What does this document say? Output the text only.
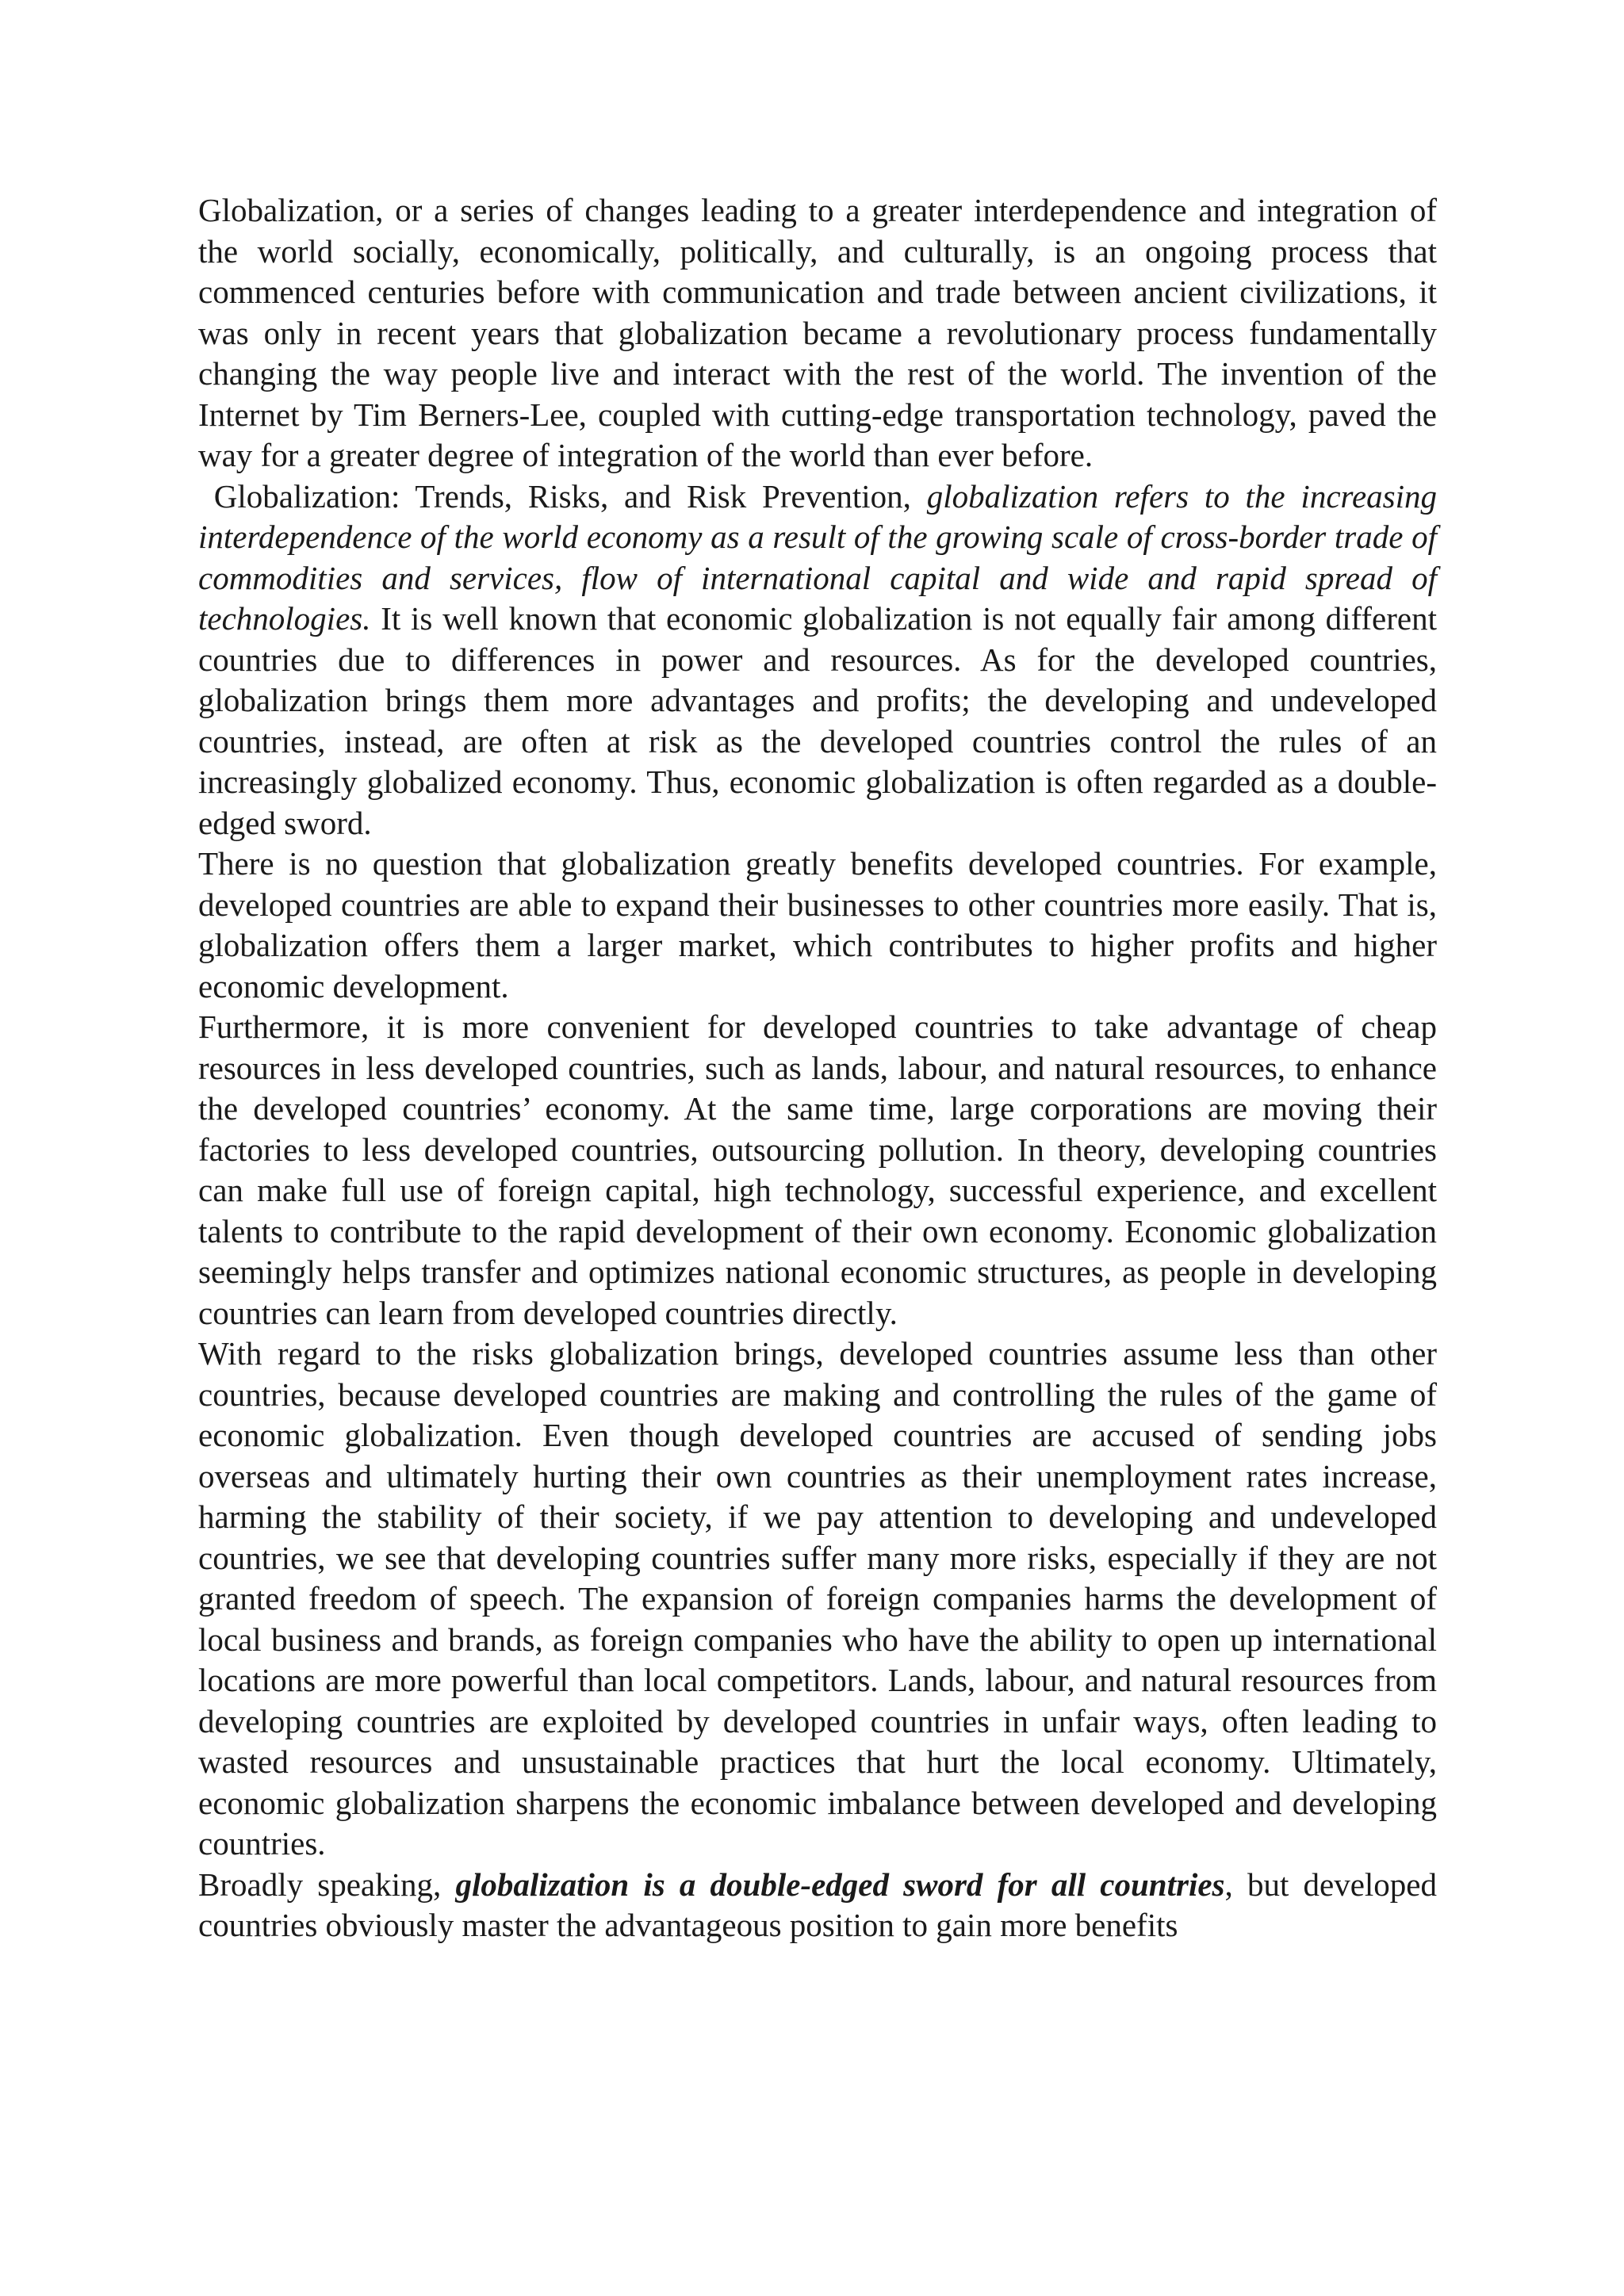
Globalization, or a series of changes leading to a greater interdependence and integration of the world socially, economically, politically, and culturally, is an ongoing process that commenced centuries before with communication and trade between ancient civilizations, it was only in recent years that globalization became a revolutionary process fundamentally changing the way people live and interact with the rest of the world. The invention of the Internet by Tim Berners-Lee, coupled with cutting-edge transportation technology, paved the way for a greater degree of integration of the world than ever before.

Globalization: Trends, Risks, and Risk Prevention, globalization refers to the increasing interdependence of the world economy as a result of the growing scale of cross-border trade of commodities and services, flow of international capital and wide and rapid spread of technologies. It is well known that economic globalization is not equally fair among different countries due to differences in power and resources. As for the developed countries, globalization brings them more advantages and profits; the developing and undeveloped countries, instead, are often at risk as the developed countries control the rules of an increasingly globalized economy. Thus, economic globalization is often regarded as a double-edged sword.

There is no question that globalization greatly benefits developed countries. For example, developed countries are able to expand their businesses to other countries more easily. That is, globalization offers them a larger market, which contributes to higher profits and higher economic development.

Furthermore, it is more convenient for developed countries to take advantage of cheap resources in less developed countries, such as lands, labour, and natural resources, to enhance the developed countries’ economy. At the same time, large corporations are moving their factories to less developed countries, outsourcing pollution. In theory, developing countries can make full use of foreign capital, high technology, successful experience, and excellent talents to contribute to the rapid development of their own economy. Economic globalization seemingly helps transfer and optimizes national economic structures, as people in developing countries can learn from developed countries directly.

With regard to the risks globalization brings, developed countries assume less than other countries, because developed countries are making and controlling the rules of the game of economic globalization. Even though developed countries are accused of sending jobs overseas and ultimately hurting their own countries as their unemployment rates increase, harming the stability of their society, if we pay attention to developing and undeveloped countries, we see that developing countries suffer many more risks, especially if they are not granted freedom of speech. The expansion of foreign companies harms the development of local business and brands, as foreign companies who have the ability to open up international locations are more powerful than local competitors. Lands, labour, and natural resources from developing countries are exploited by developed countries in unfair ways, often leading to wasted resources and unsustainable practices that hurt the local economy. Ultimately, economic globalization sharpens the economic imbalance between developed and developing countries.

Broadly speaking, globalization is a double-edged sword for all countries, but developed countries obviously master the advantageous position to gain more benefits
